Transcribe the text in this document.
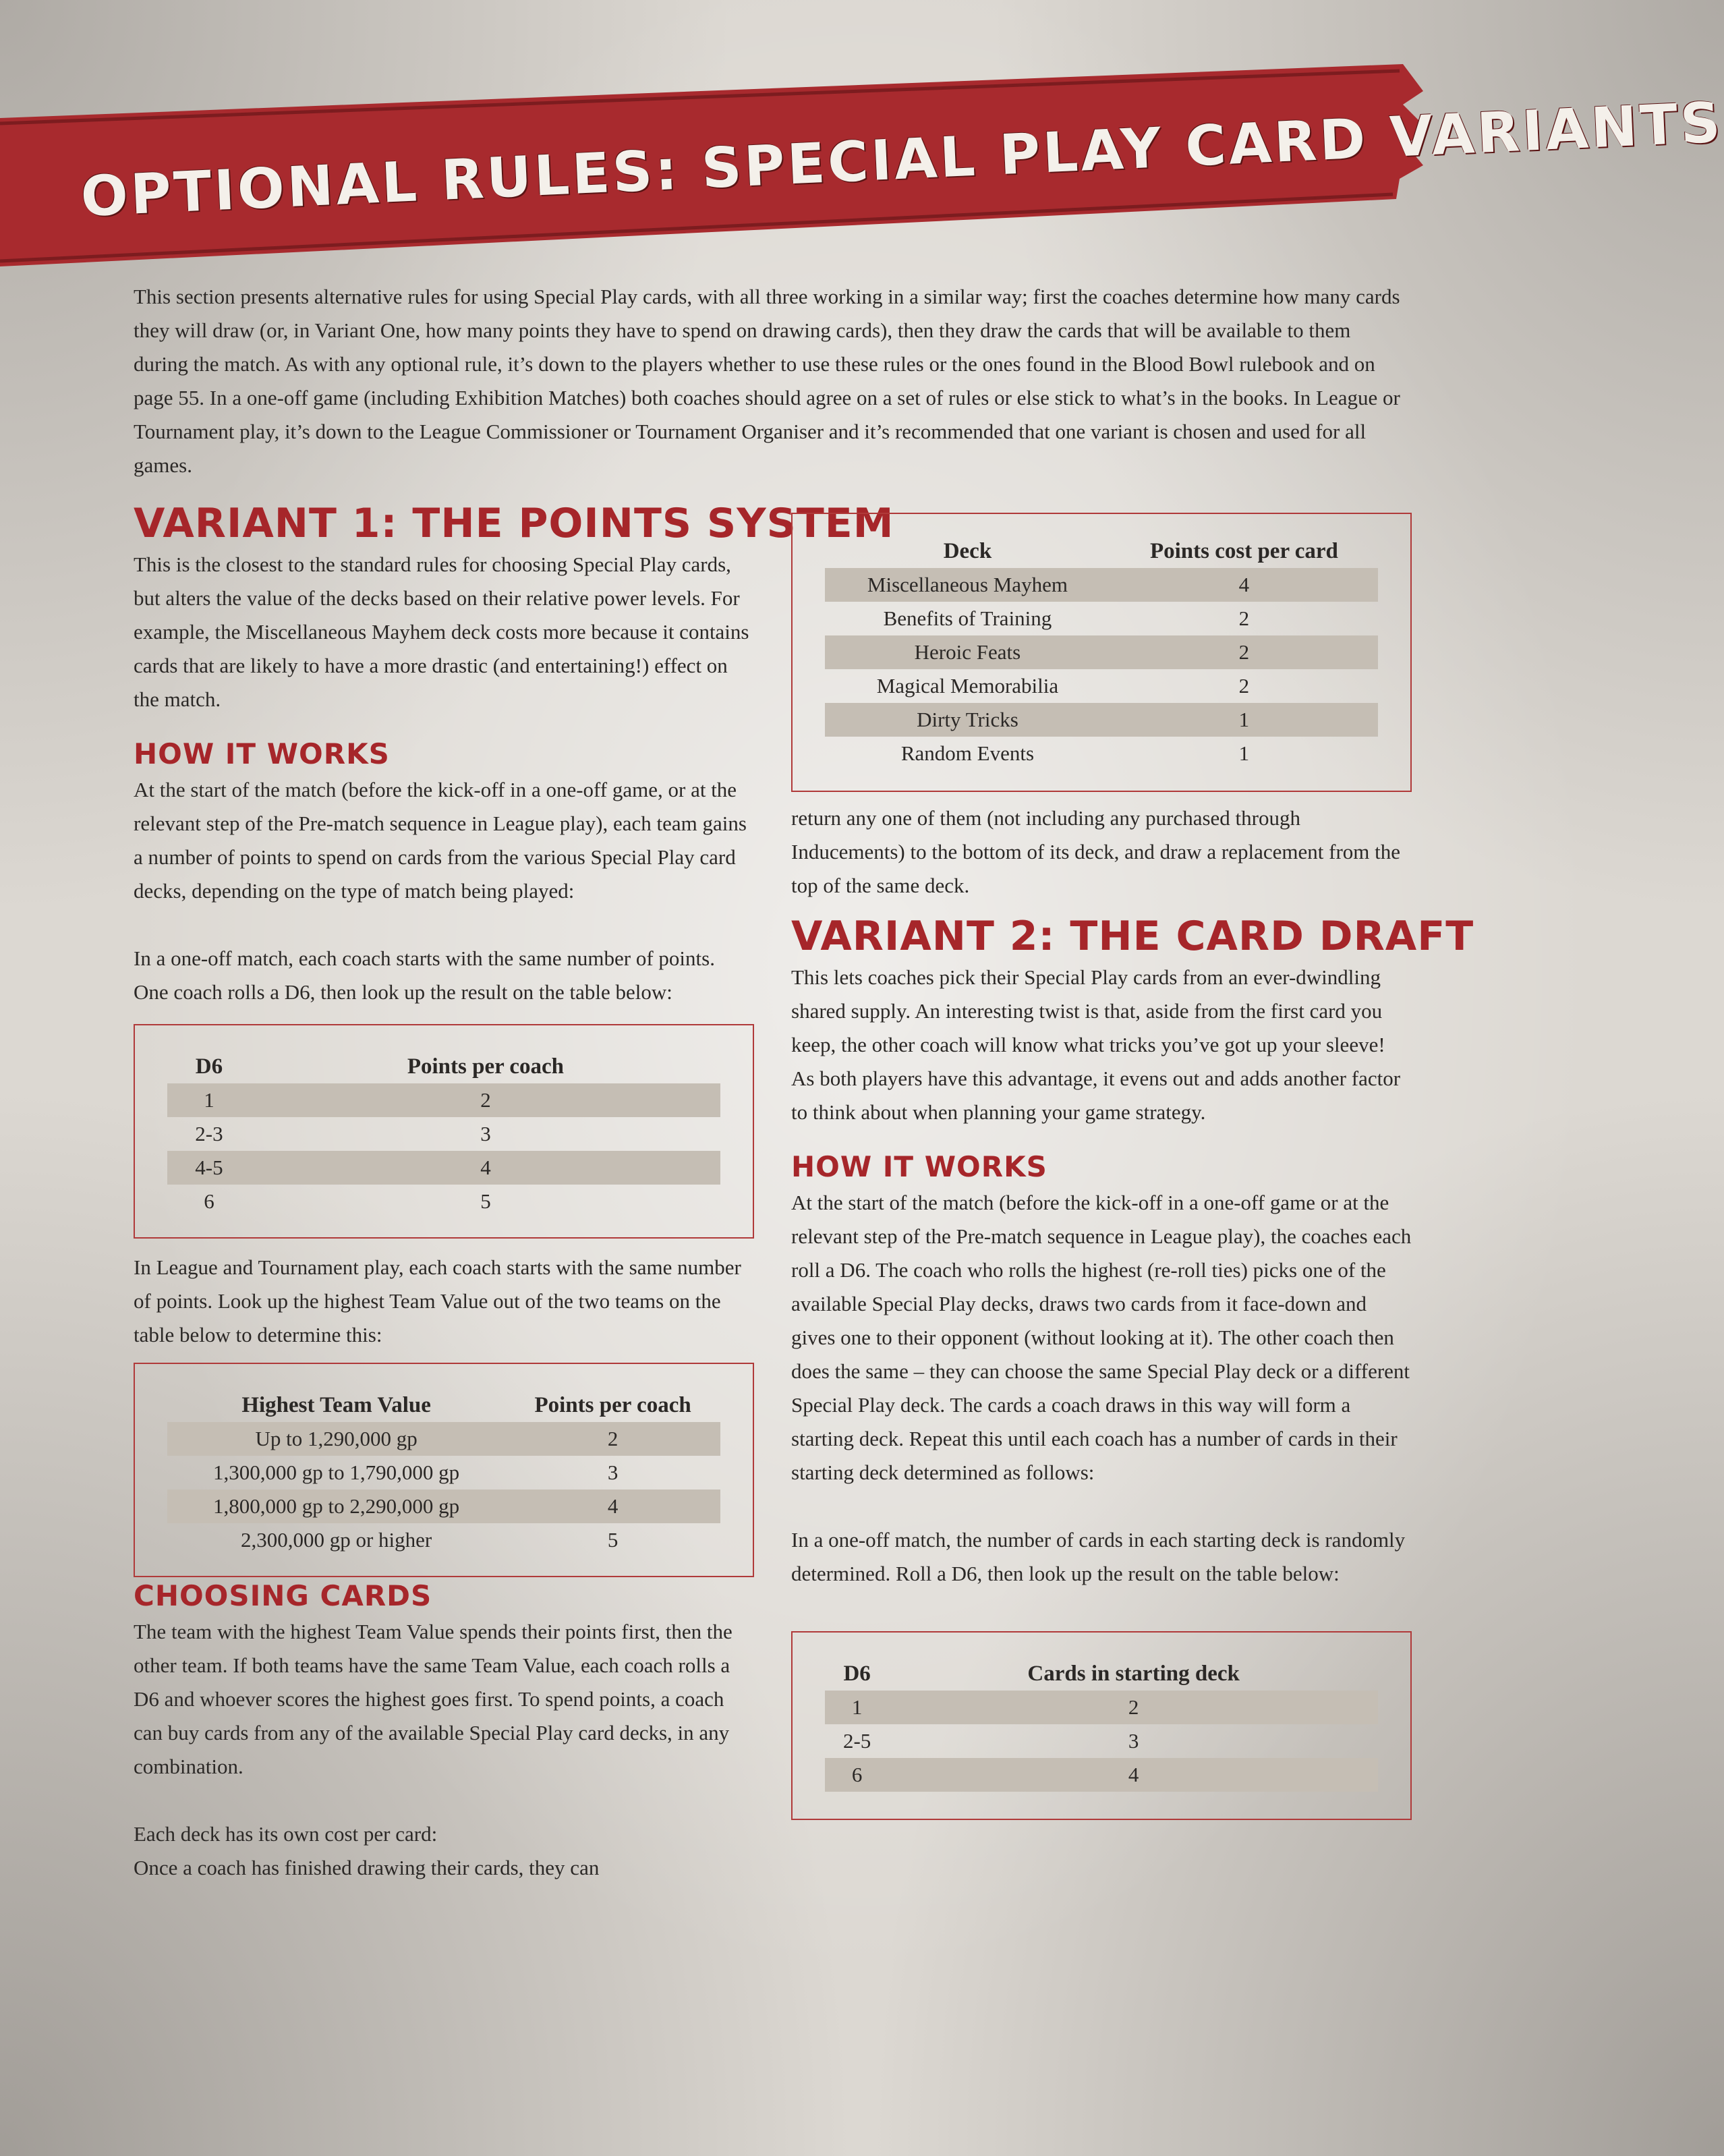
OPTIONAL RULES: SPECIAL PLAY CARD VARIANTS

This section presents alternative rules for using Special Play cards, with all three working in a similar way; first the coaches determine how many cards they will draw (or, in Variant One, how many points they have to spend on drawing cards), then they draw the cards that will be available to them during the match. As with any optional rule, it’s down to the players whether to use these rules or the ones found in the Blood Bowl rulebook and on page 55. In a one-off game (including Exhibition Matches) both coaches should agree on a set of rules or else stick to what’s in the books. In League or Tournament play, it’s down to the League Commissioner or Tournament Organiser and it’s recommended that one variant is chosen and used for all games.

VARIANT 1: THE POINTS SYSTEM

This is the closest to the standard rules for choosing Special Play cards, but alters the value of the decks based on their relative power levels. For example, the Miscellaneous Mayhem deck costs more because it contains cards that are likely to have a more drastic (and entertaining!) effect on the match.

HOW IT WORKS

At the start of the match (before the kick-off in a one-off game, or at the relevant step of the Pre-match sequence in League play), each team gains a number of points to spend on cards from the various Special Play card decks, depending on the type of match being played:

In a one-off match, each coach starts with the same number of points. One coach rolls a D6, then look up the result on the table below:

D6	Points per coach
1	2
2-3	3
4-5	4
6	5

In League and Tournament play, each coach starts with the same number of points. Look up the highest Team Value out of the two teams on the table below to determine this:

Highest Team Value	Points per coach
Up to 1,290,000 gp	2
1,300,000 gp to 1,790,000 gp	3
1,800,000 gp to 2,290,000 gp	4
2,300,000 gp or higher	5
CHOOSING CARDS

The team with the highest Team Value spends their points first, then the other team. If both teams have the same Team Value, each coach rolls a D6 and whoever scores the highest goes first. To spend points, a coach can buy cards from any of the available Special Play card decks, in any combination.

Each deck has its own cost per card:

Once a coach has finished drawing their cards, they can

Deck	Points cost per card
Miscellaneous Mayhem	4
Benefits of Training	2
Heroic Feats	2
Magical Memorabilia	2
Dirty Tricks	1
Random Events	1

return any one of them (not including any purchased through Inducements) to the bottom of its deck, and draw a replacement from the top of the same deck.

VARIANT 2: THE CARD DRAFT

This lets coaches pick their Special Play cards from an ever-dwindling shared supply. An interesting twist is that, aside from the first card you keep, the other coach will know what tricks you’ve got up your sleeve! As both players have this advantage, it evens out and adds another factor to think about when planning your game strategy.

HOW IT WORKS

At the start of the match (before the kick-off in a one-off game or at the relevant step of the Pre-match sequence in League play), the coaches each roll a D6. The coach who rolls the highest (re-roll ties) picks one of the available Special Play decks, draws two cards from it face-down and gives one to their opponent (without looking at it). The other coach then does the same – they can choose the same Special Play deck or a different Special Play deck. The cards a coach draws in this way will form a starting deck. Repeat this until each coach has a number of cards in their starting deck determined as follows:

In a one-off match, the number of cards in each starting deck is randomly determined. Roll a D6, then look up the result on the table below:

D6	Cards in starting deck
1	2
2-5	3
6	4
